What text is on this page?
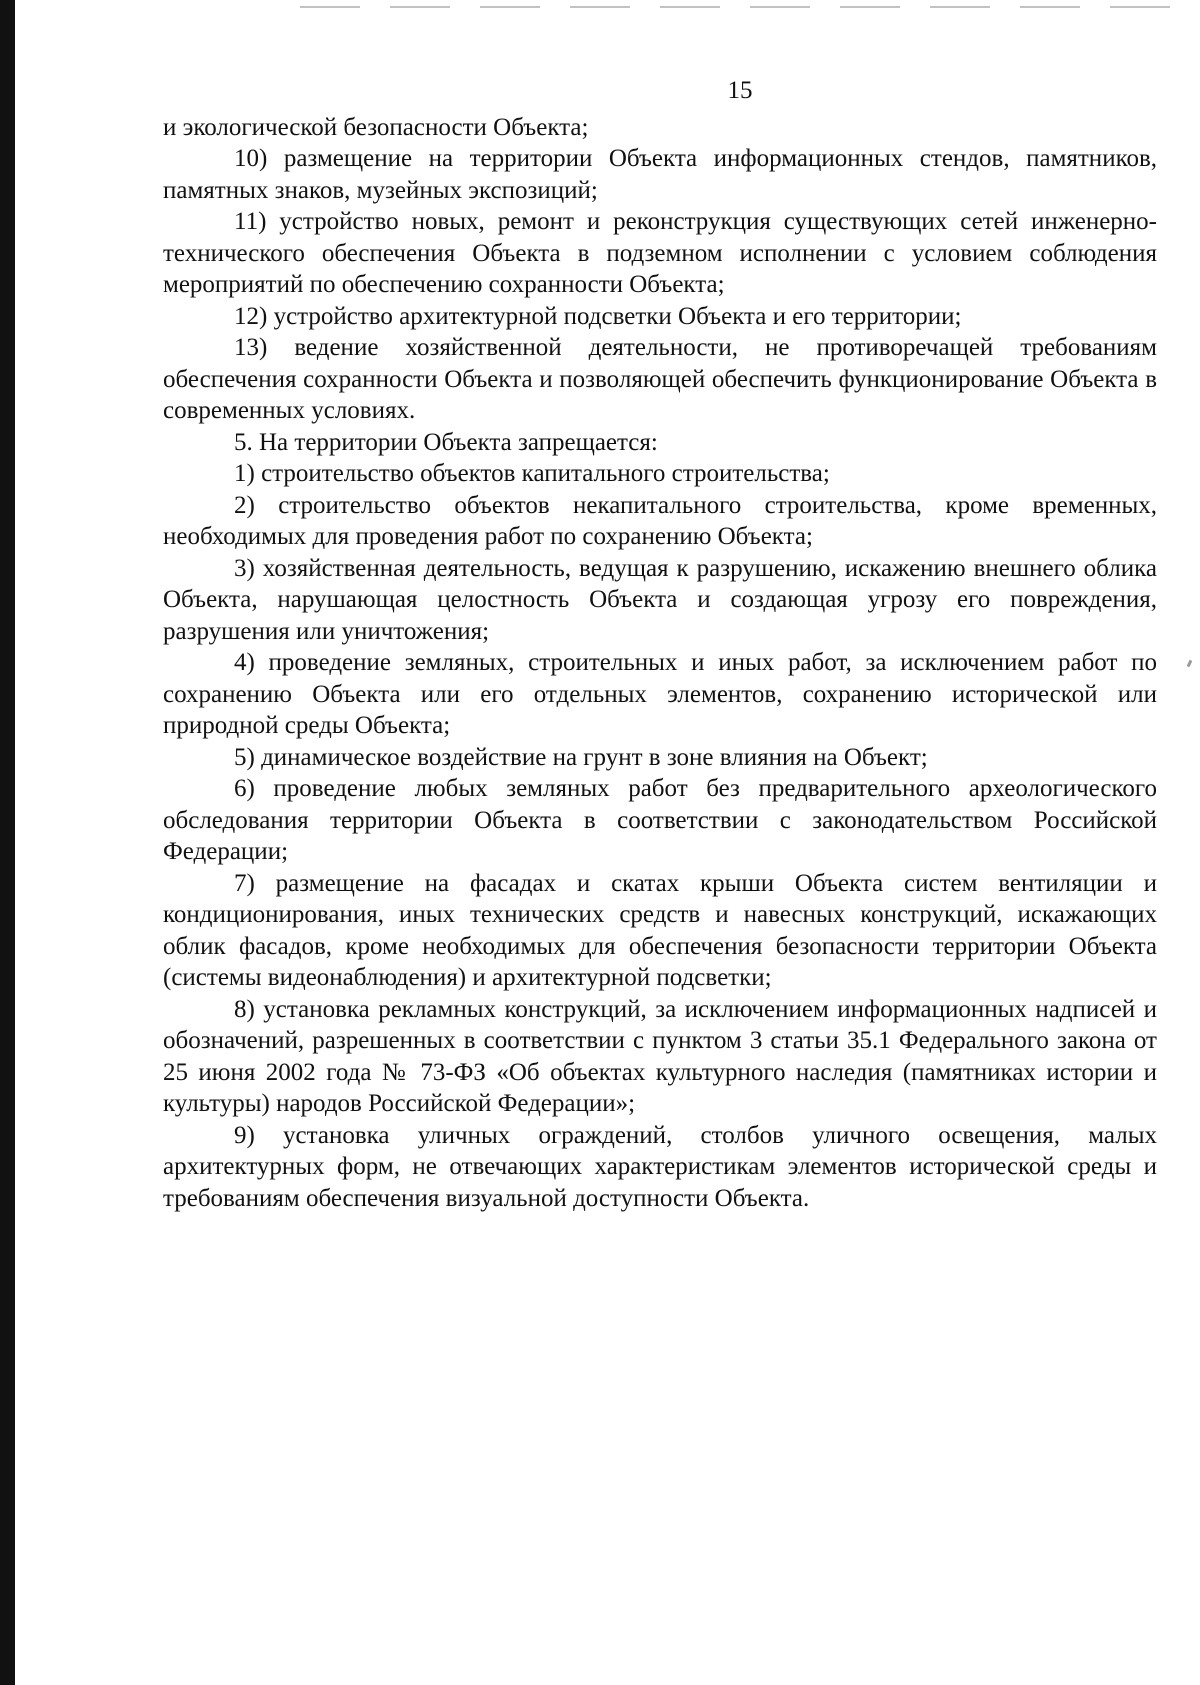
15

и экологической безопасности Объекта;

10) размещение на территории Объекта информационных стендов, памятников, памятных знаков, музейных экспозиций;

11) устройство новых, ремонт и реконструкция существующих сетей инженерно-технического обеспечения Объекта в подземном исполнении с условием соблюдения мероприятий по обеспечению сохранности Объекта;

12) устройство архитектурной подсветки Объекта и его территории;

13) ведение хозяйственной деятельности, не противоречащей требованиям обеспечения сохранности Объекта и позволяющей обеспечить функционирование Объекта в современных условиях.

5. На территории Объекта запрещается:

1) строительство объектов капитального строительства;

2) строительство объектов некапитального строительства, кроме временных, необходимых для проведения работ по сохранению Объекта;

3) хозяйственная деятельность, ведущая к разрушению, искажению внешнего облика Объекта, нарушающая целостность Объекта и создающая угрозу его повреждения, разрушения или уничтожения;

4) проведение земляных, строительных и иных работ, за исключением работ по сохранению Объекта или его отдельных элементов, сохранению исторической или природной среды Объекта;

5) динамическое воздействие на грунт в зоне влияния на Объект;

6) проведение любых земляных работ без предварительного археологического обследования территории Объекта в соответствии с законодательством Российской Федерации;

7) размещение на фасадах и скатах крыши Объекта систем вентиляции и кондиционирования, иных технических средств и навесных конструкций, искажающих облик фасадов, кроме необходимых для обеспечения безопасности территории Объекта (системы видеонаблюдения) и архитектурной подсветки;

8) установка рекламных конструкций, за исключением информационных надписей и обозначений, разрешенных в соответствии с пунктом 3 статьи 35.1 Федерального закона от 25 июня 2002 года № 73-ФЗ «Об объектах культурного наследия (памятниках истории и культуры) народов Российской Федерации»;

9) установка уличных ограждений, столбов уличного освещения, малых архитектурных форм, не отвечающих характеристикам элементов исторической среды и требованиям обеспечения визуальной доступности Объекта.
